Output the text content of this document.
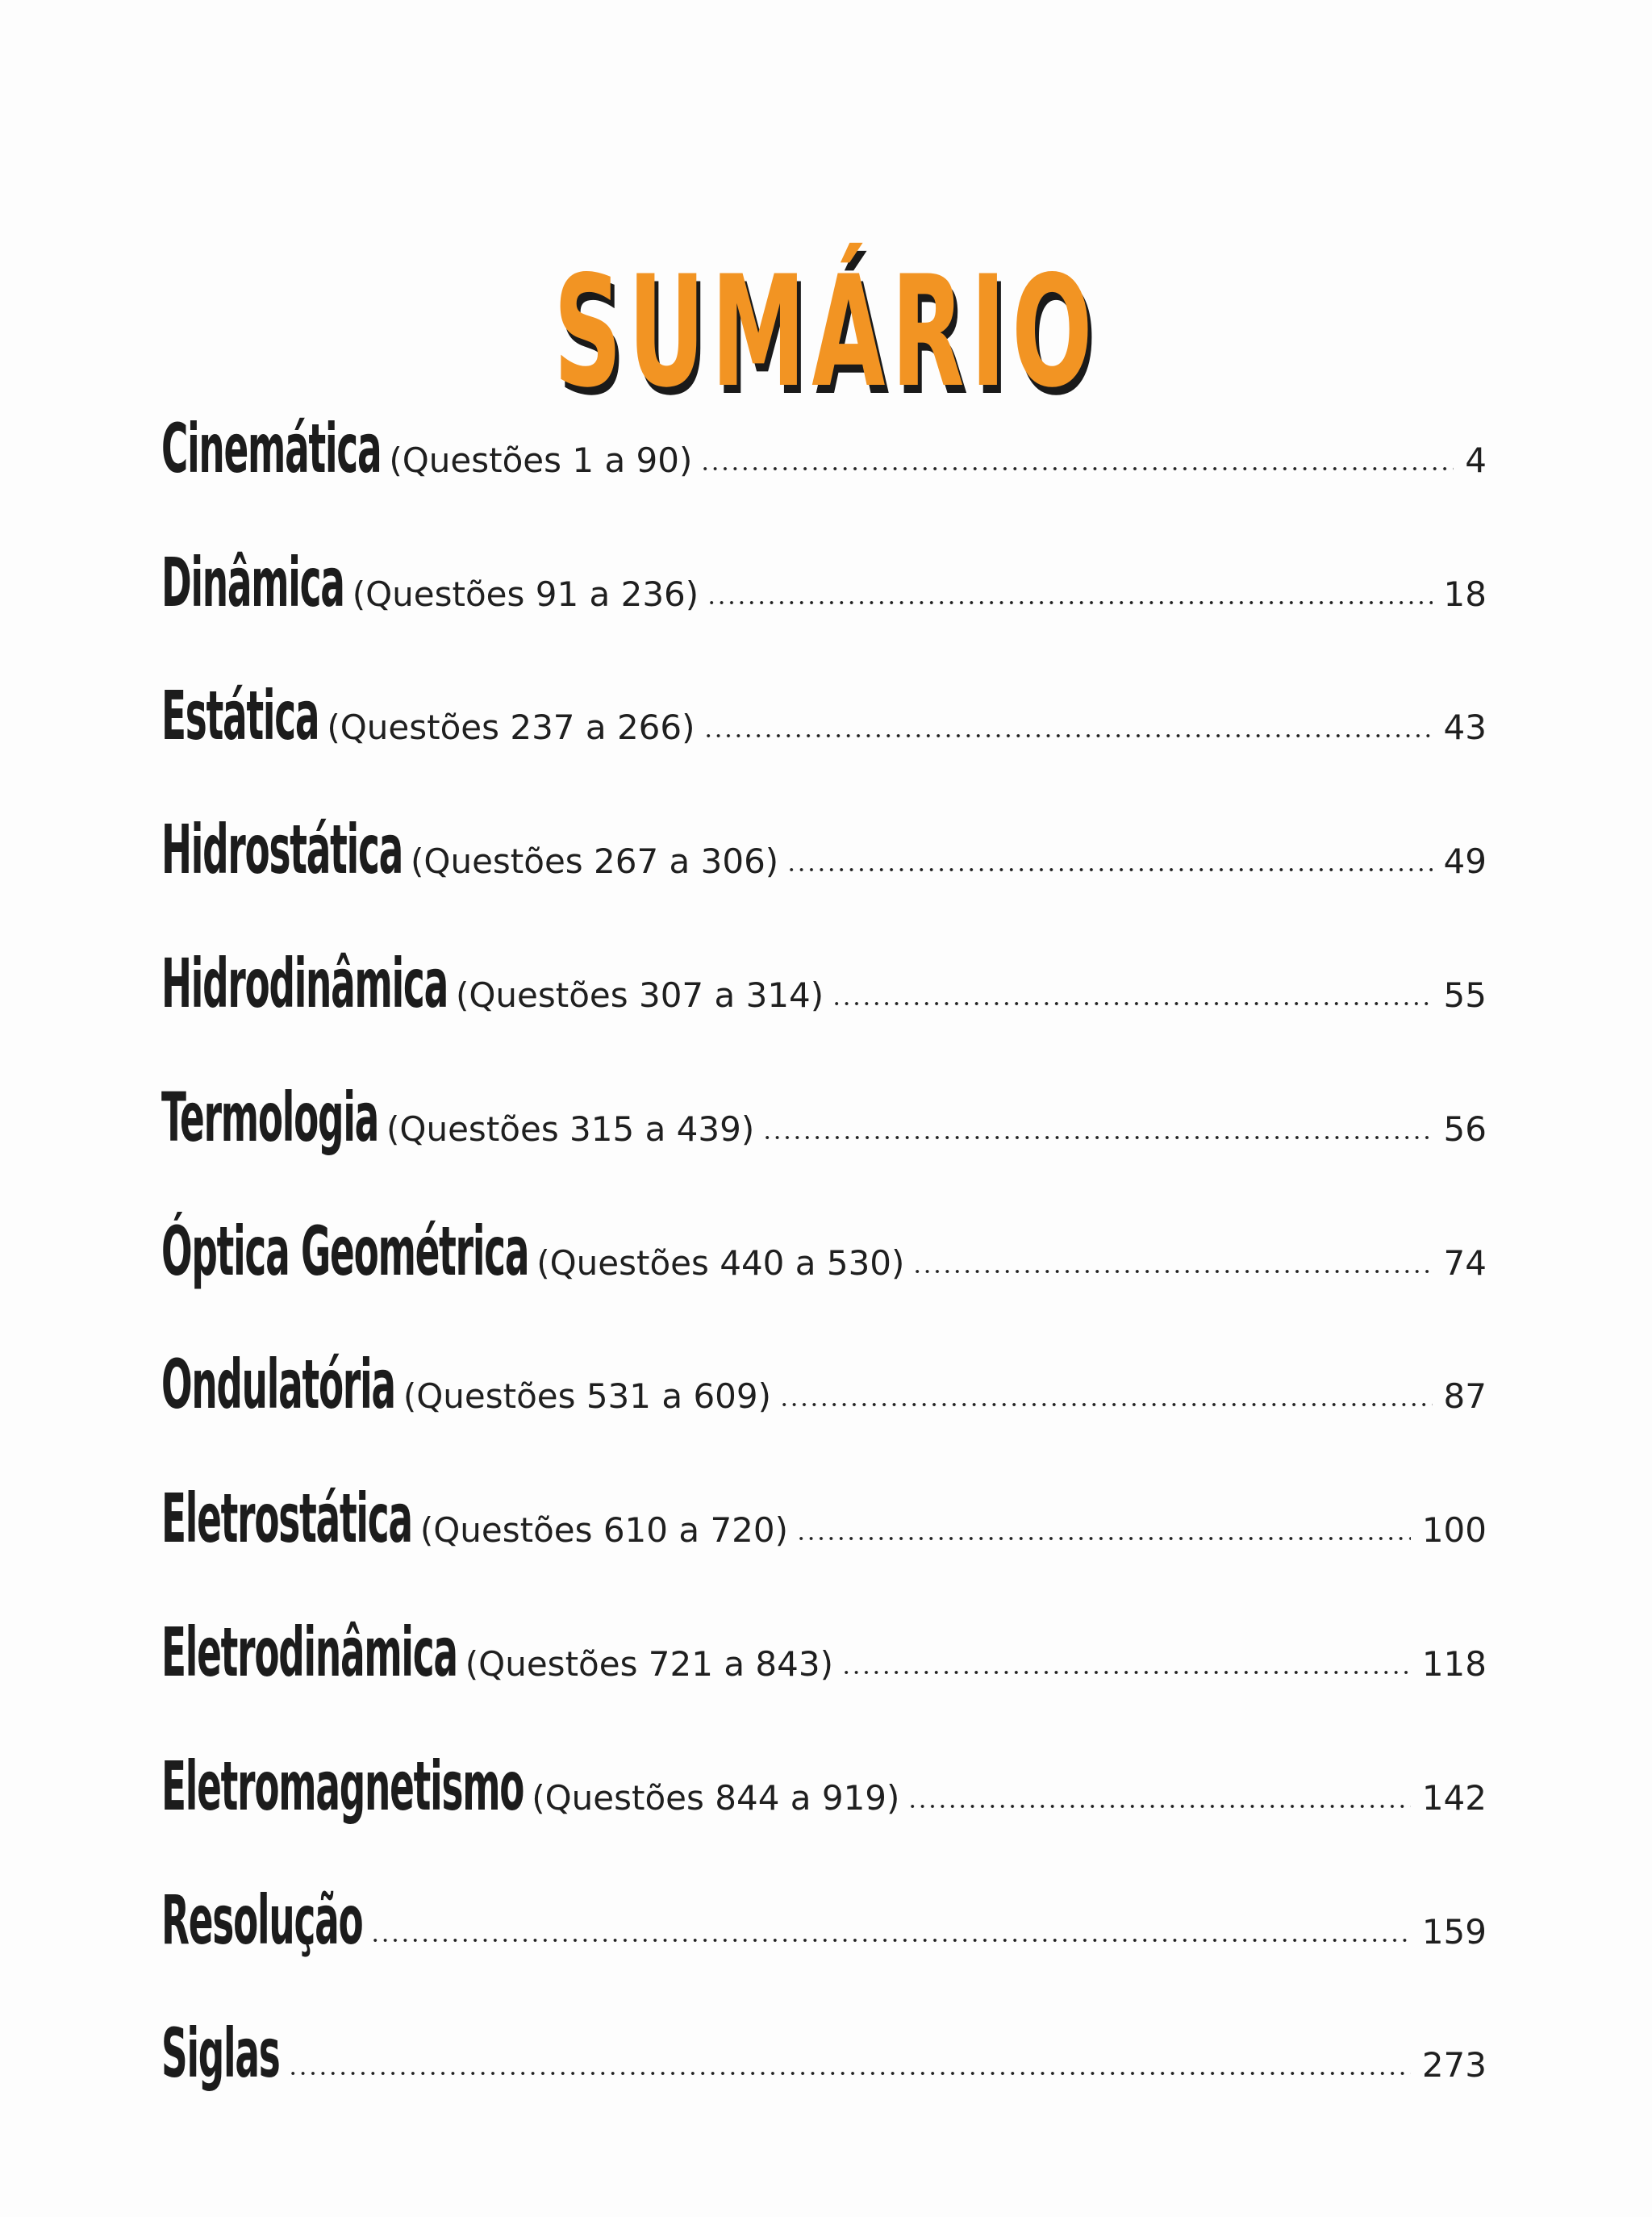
SUMÁRIO
Cinemática (Questões 1 a 90)	4
Dinâmica (Questões 91 a 236)	18
Estática (Questões 237 a 266)	43
Hidrostática (Questões 267 a 306)	49
Hidrodinâmica (Questões 307 a 314)	55
Termologia (Questões 315 a 439)	56
Óptica Geométrica (Questões 440 a 530)	74
Ondulatória (Questões 531 a 609)	87
Eletrostática (Questões 610 a 720)	100
Eletrodinâmica (Questões 721 a 843)	118
Eletromagnetismo (Questões 844 a 919)	142
Resolução	159
Siglas	273
